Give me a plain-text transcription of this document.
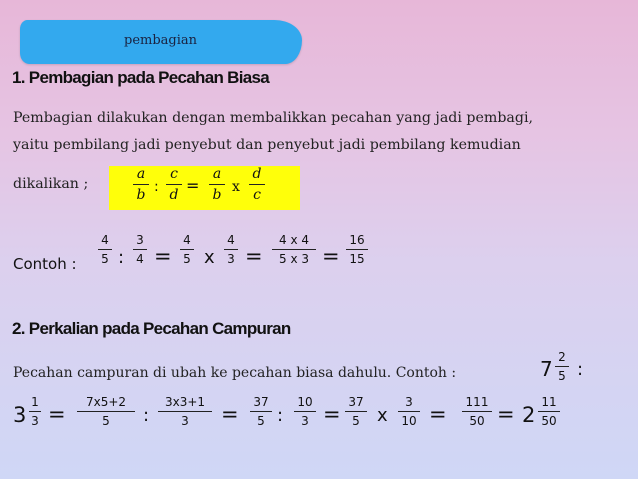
pembagian
1. Pembagian pada Pecahan Biasa
Pembagian dilakukan dengan membalikkan pecahan yang jadi pembagi,
yaitu pembilang jadi penyebut dan penyebut jadi pembilang kemudian
dikalikan ;
a
b :
c
d =
a
b x
d
c
Contoh :
4
5 :
3
4 =
4
5 x
4
3 =
4 x 4
5 x 3 =
16
15
2. Perkalian pada Pecahan Campuran
Pecahan campuran di ubah ke pecahan biasa dahulu. Contoh :	7 2
5 :
3
1
3 = 7x5+2
5 :
3x3+1
3 = 37
5 :
10
3 = 37
5 x
3
10 = 111
50 = 2
11
50
